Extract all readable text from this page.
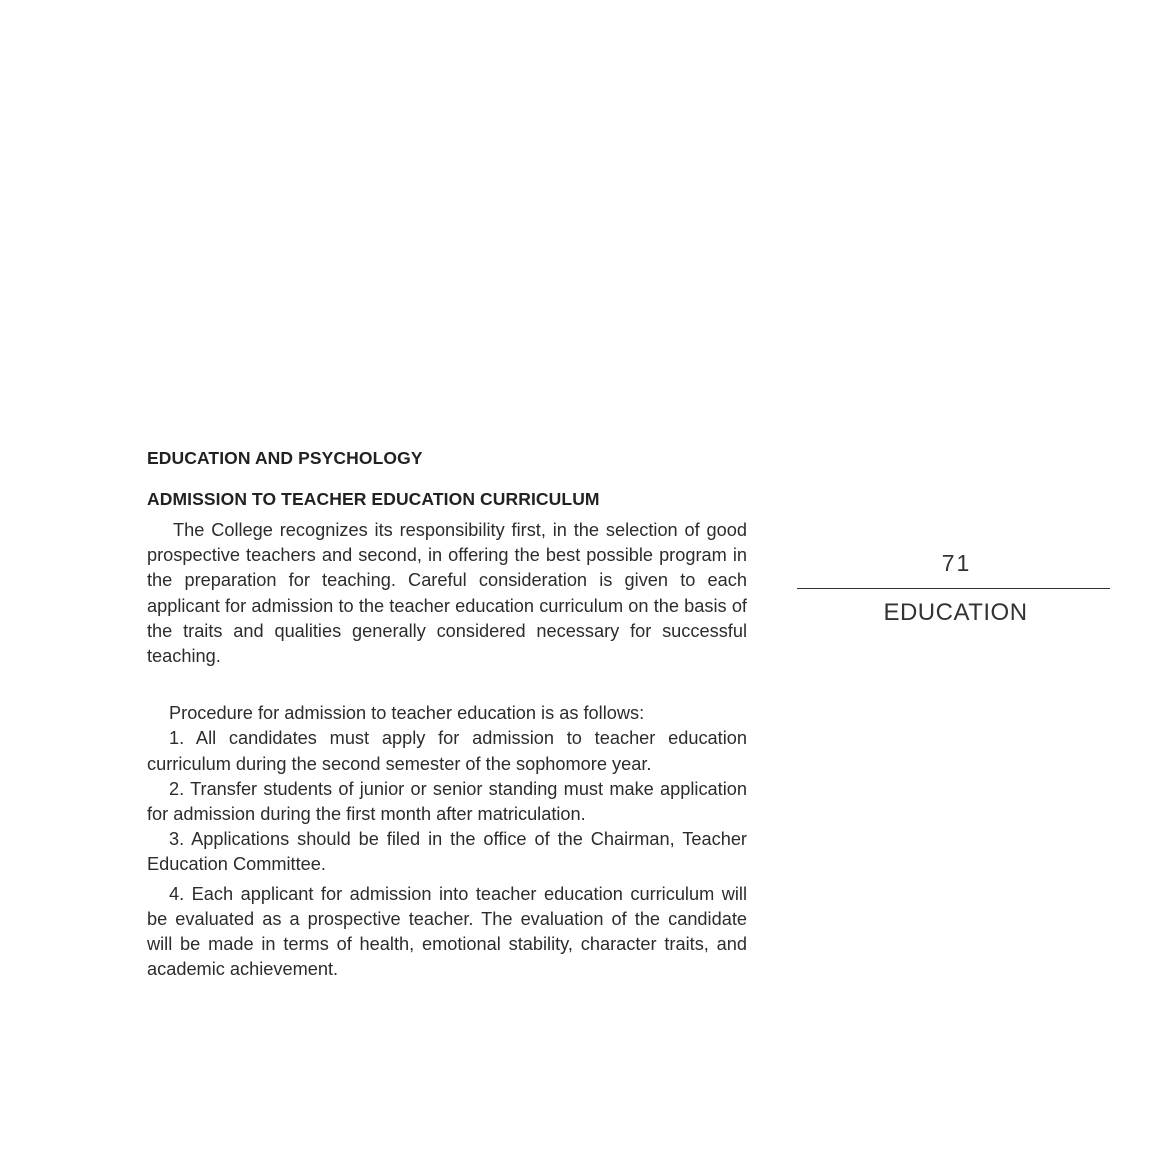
EDUCATION AND PSYCHOLOGY
ADMISSION TO TEACHER EDUCATION CURRICULUM

The College recognizes its responsibility first, in the selection of good prospective teachers and second, in offering the best possible program in the preparation for teaching. Careful consideration is given to each applicant for admission to the teacher education curriculum on the basis of the traits and qualities generally considered necessary for successful teaching.

Procedure for admission to teacher education is as follows:

1. All candidates must apply for admission to teacher education curriculum during the second semester of the sophomore year.

2. Transfer students of junior or senior standing must make application for admission during the first month after matriculation.

3. Applications should be filed in the office of the Chairman, Teacher Education Committee.

4. Each applicant for admission into teacher education curriculum will be evaluated as a prospective teacher. The evaluation of the candidate will be made in terms of health, emotional stability, character traits, and academic achievement.

71
EDUCATION
